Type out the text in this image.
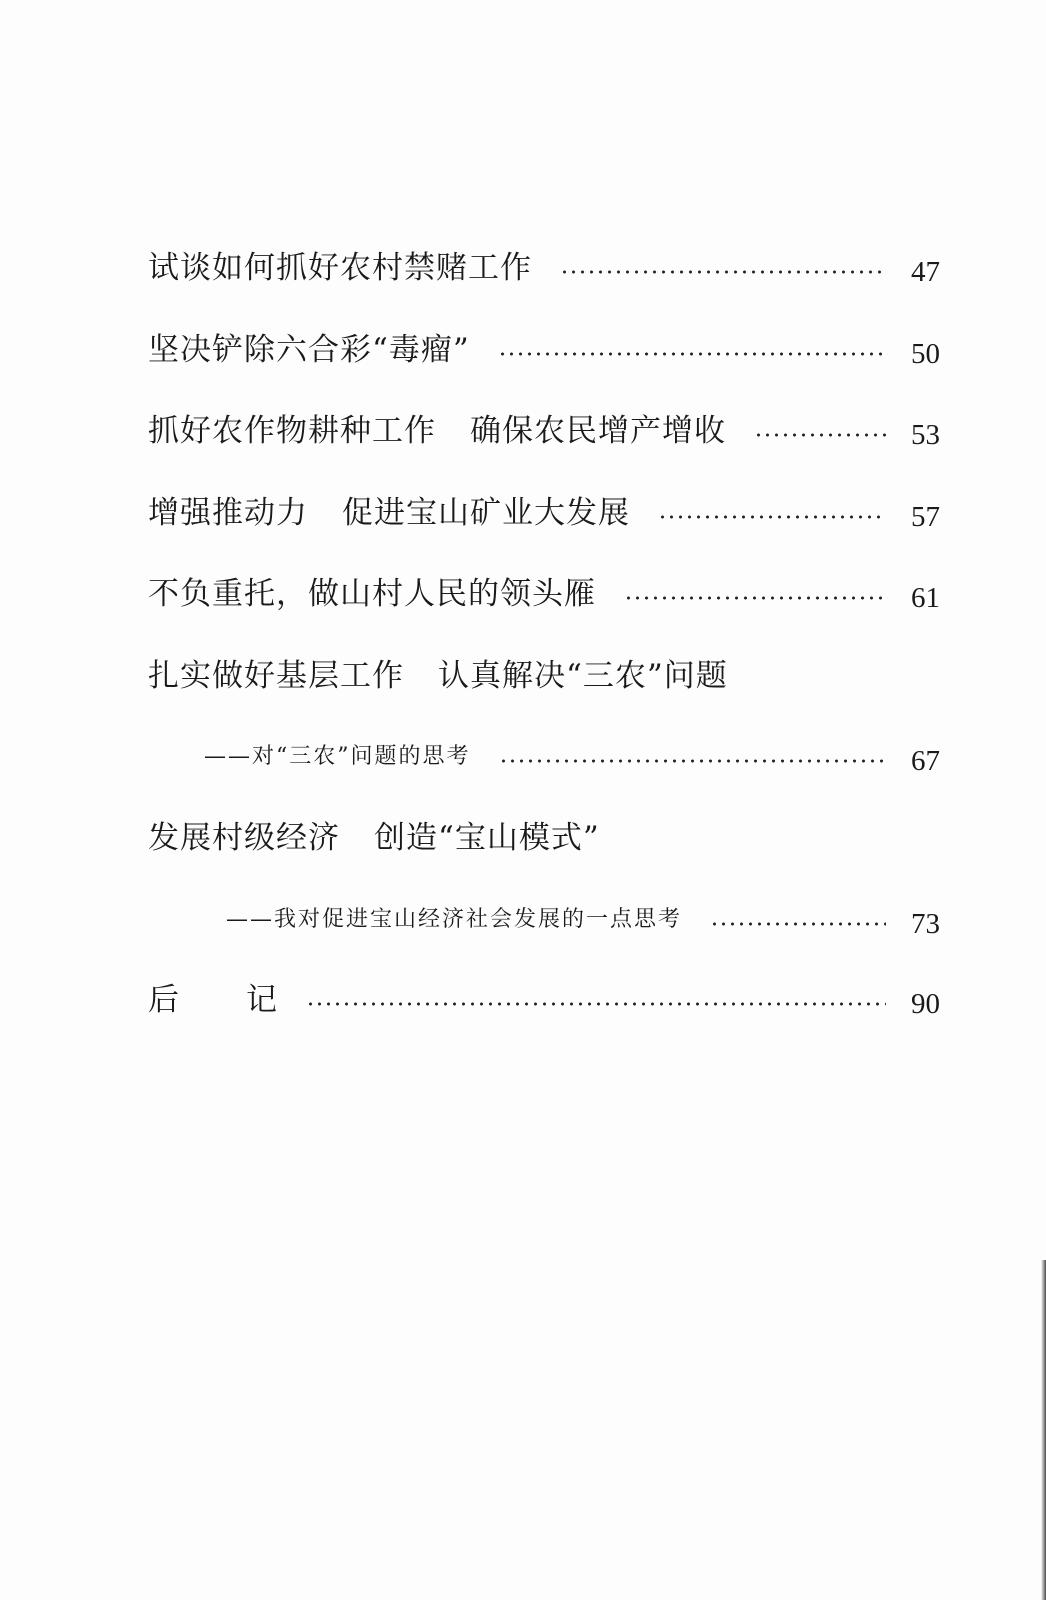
试谈如何抓好农村禁赌工作	47
坚决铲除六合彩“毒瘤”	50
抓好农作物耕种工作 确保农民增产增收	53
增强推动力 促进宝山矿业大发展	57
不负重托，做山村人民的领头雁	61
扎实做好基层工作 认真解决“三农”问题
——对“三农”问题的思考	67
发展村级经济 创造“宝山模式”
——我对促进宝山经济社会发展的一点思考	73
后 记	90
